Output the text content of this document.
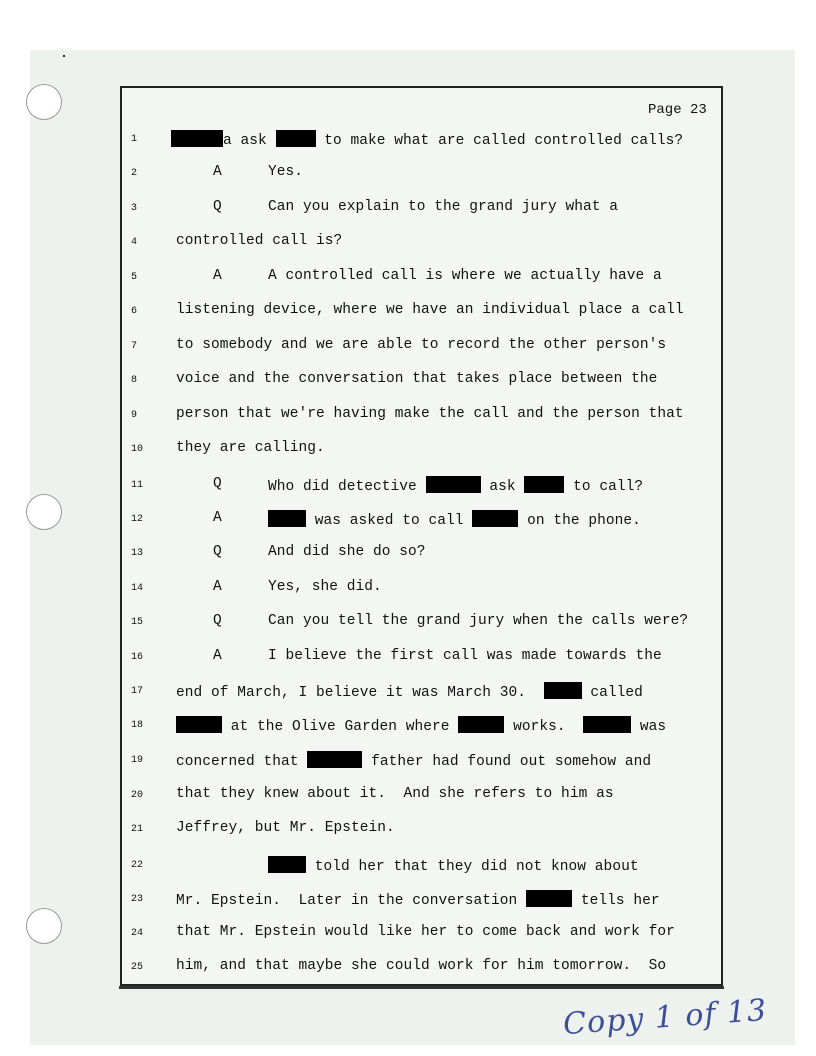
Page 23
1	a ask	to make what are called controlled calls?
2	A	Yes.
3	Q	Can you explain to the grand jury what a
4	controlled call is?
5	A	A controlled call is where we actually have a
6	listening device, where we have an individual place a call
7	to somebody and we are able to record the other person's
8	voice and the conversation that takes place between the
9	person that we're having make the call and the person that
10 they are calling.
11	Q	Who did detective	ask	to call?
12	A	was asked to call	on the phone.
13	Q	And did she do so?
14	A	Yes, she did.
15	Q	Can you tell the grand jury when the calls were?
16	A	I believe the first call was made towards the
17 end of March, I believe it was March 30.	called
18	at the Olive Garden where	works.	was
19 concerned that	father had found out somehow and
20 that they knew about it.  And she refers to him as
21 Jeffrey, but Mr. Epstein.
22	told her that they did not know about
23 Mr. Epstein.  Later in the conversation	tells her
24 that Mr. Epstein would like her to come back and work for
25 him, and that maybe she could work for him tomorrow.  So
Copy 1 of 13
